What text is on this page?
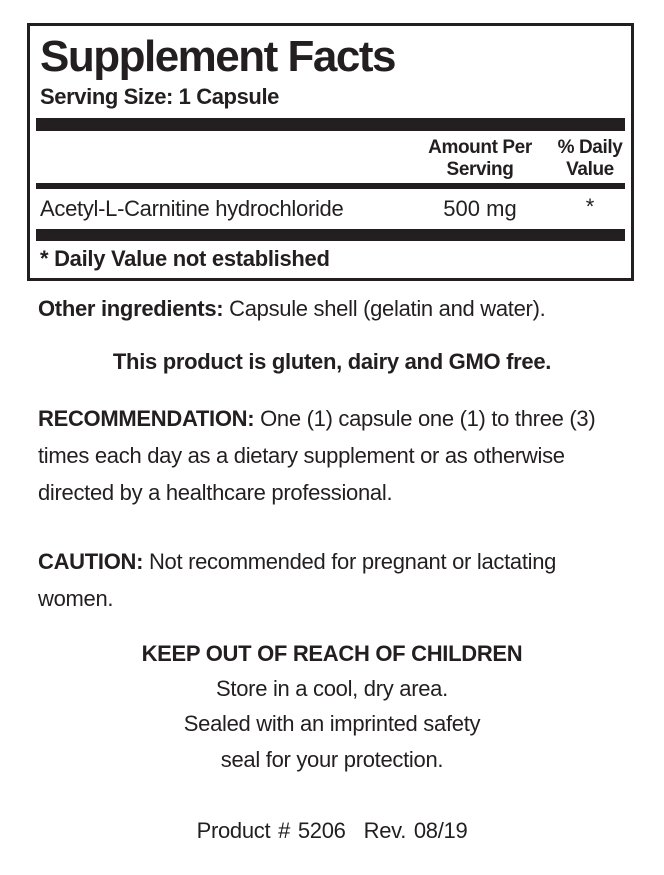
Supplement Facts
Serving Size: 1 Capsule
Amount Per
Serving
% Daily
Value
Acetyl-L-Carnitine hydrochloride	500 mg	*
* Daily Value not established
Other ingredients: Capsule shell (gelatin and water).
This product is gluten, dairy and GMO free.
RECOMMENDATION: One (1) capsule one (1) to three (3) times each day as a dietary supplement or as otherwise directed by a healthcare professional.
CAUTION: Not recommended for pregnant or lactating women.
KEEP OUT OF REACH OF CHILDREN
Store in a cool, dry area.
Sealed with an imprinted safety
seal for your protection.
Product # 5206 Rev. 08/19
